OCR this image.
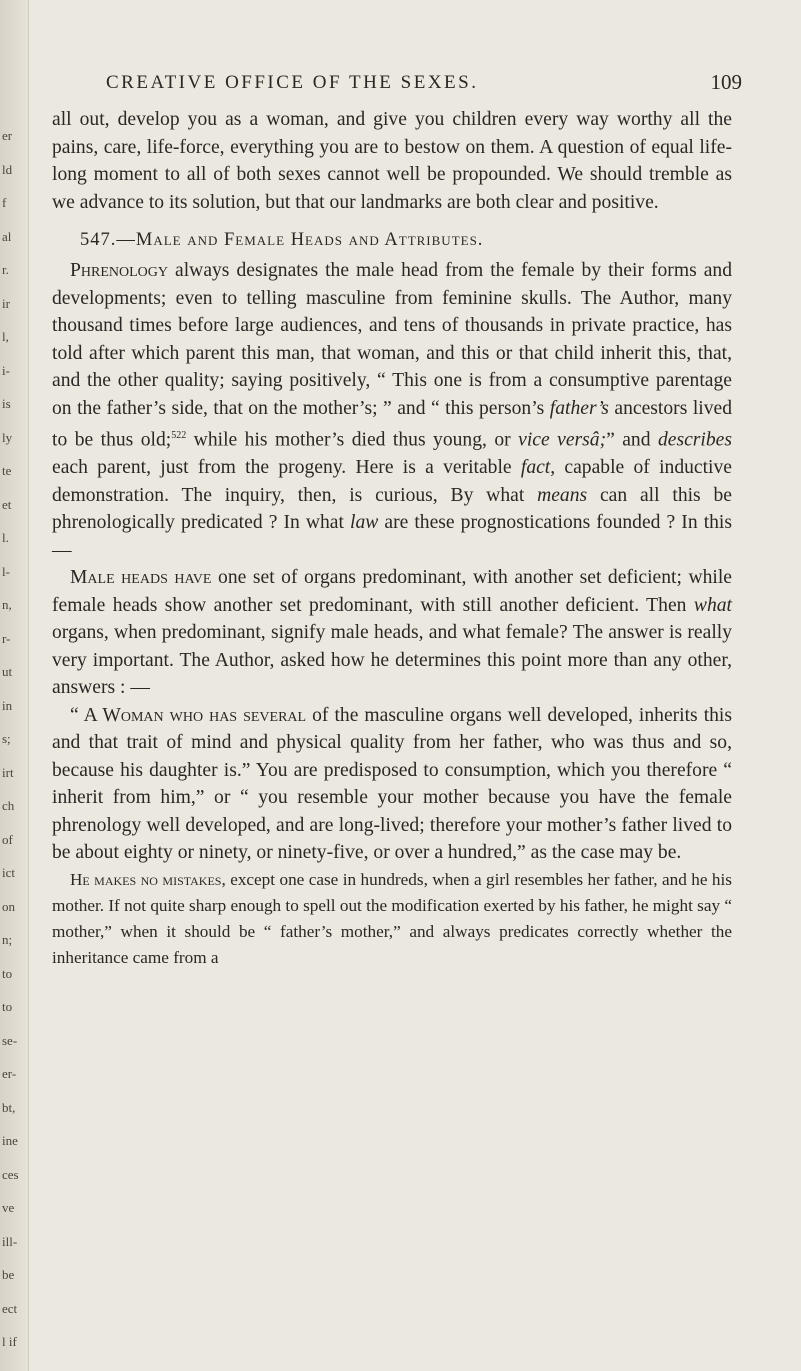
er
ld
f
al
r.
ir
l,
i-
is
ly
te
et
l.
l-
n,
r-
ut
in
s;
irt
ch
of
ict
on
n;
to
to
se-
er-
bt,
ine
ces
ve
ill-
be
ect
l if
CREATIVE OFFICE OF THE SEXES.	109

all out, develop you as a woman, and give you children every way worthy all the pains, care, life-force, everything you are to bestow on them. A question of equal life-long moment to all of both sexes cannot well be propounded. We should tremble as we advance to its solution, but that our landmarks are both clear and positive.

547.—Male and Female Heads and Attributes.

Phrenology always designates the male head from the female by their forms and developments; even to telling masculine from feminine skulls. The Author, many thousand times before large audiences, and tens of thousands in private practice, has told after which parent this man, that woman, and this or that child inherit this, that, and the other quality; saying positively, “ This one is from a consumptive parentage on the father’s side, that on the mother’s; ” and “ this person’s father’s ancestors lived to be thus old;$^{522}$ while his mother’s died thus young, or vice versâ;” and describes each parent, just from the progeny. Here is a veritable fact, capable of inductive demonstration. The inquiry, then, is curious, By what means can all this be phrenologically predicated ? In what law are these prognostications founded ? In this—

Male heads have one set of organs predominant, with another set deficient; while female heads show another set predominant, with still another deficient. Then what organs, when predominant, signify male heads, and what female? The answer is really very important. The Author, asked how he determines this point more than any other, answers : —

“ A Woman who has several of the masculine organs well developed, inherits this and that trait of mind and physical quality from her father, who was thus and so, because his daughter is.” You are predisposed to consumption, which you therefore “ inherit from him,” or “ you resemble your mother because you have the female phrenology well developed, and are long-lived; therefore your mother’s father lived to be about eighty or ninety, or ninety-five, or over a hundred,” as the case may be.

He makes no mistakes, except one case in hundreds, when a girl resembles her father, and he his mother. If not quite sharp enough to spell out the modification exerted by his father, he might say “ mother,” when it should be “ father’s mother,” and always predicates correctly whether the inheritance came from a
